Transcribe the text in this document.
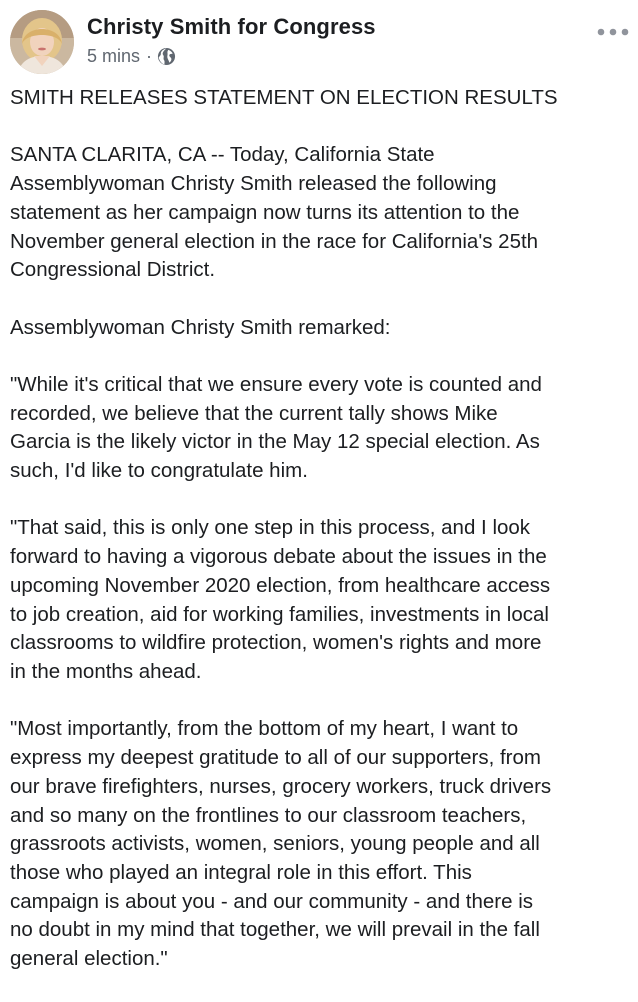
Christy Smith for Congress
5 mins ·

SMITH RELEASES STATEMENT ON ELECTION RESULTS

SANTA CLARITA, CA -- Today, California State
Assemblywoman Christy Smith released the following
statement as her campaign now turns its attention to the
November general election in the race for California's 25th
Congressional District.

Assemblywoman Christy Smith remarked:

"While it's critical that we ensure every vote is counted and
recorded, we believe that the current tally shows Mike
Garcia is the likely victor in the May 12 special election. As
such, I'd like to congratulate him.

"That said, this is only one step in this process, and I look
forward to having a vigorous debate about the issues in the
upcoming November 2020 election, from healthcare access
to job creation, aid for working families, investments in local
classrooms to wildfire protection, women's rights and more
in the months ahead.

"Most importantly, from the bottom of my heart, I want to
express my deepest gratitude to all of our supporters, from
our brave firefighters, nurses, grocery workers, truck drivers
and so many on the frontlines to our classroom teachers,
grassroots activists, women, seniors, young people and all
those who played an integral role in this effort. This
campaign is about you - and our community - and there is
no doubt in my mind that together, we will prevail in the fall
general election."
